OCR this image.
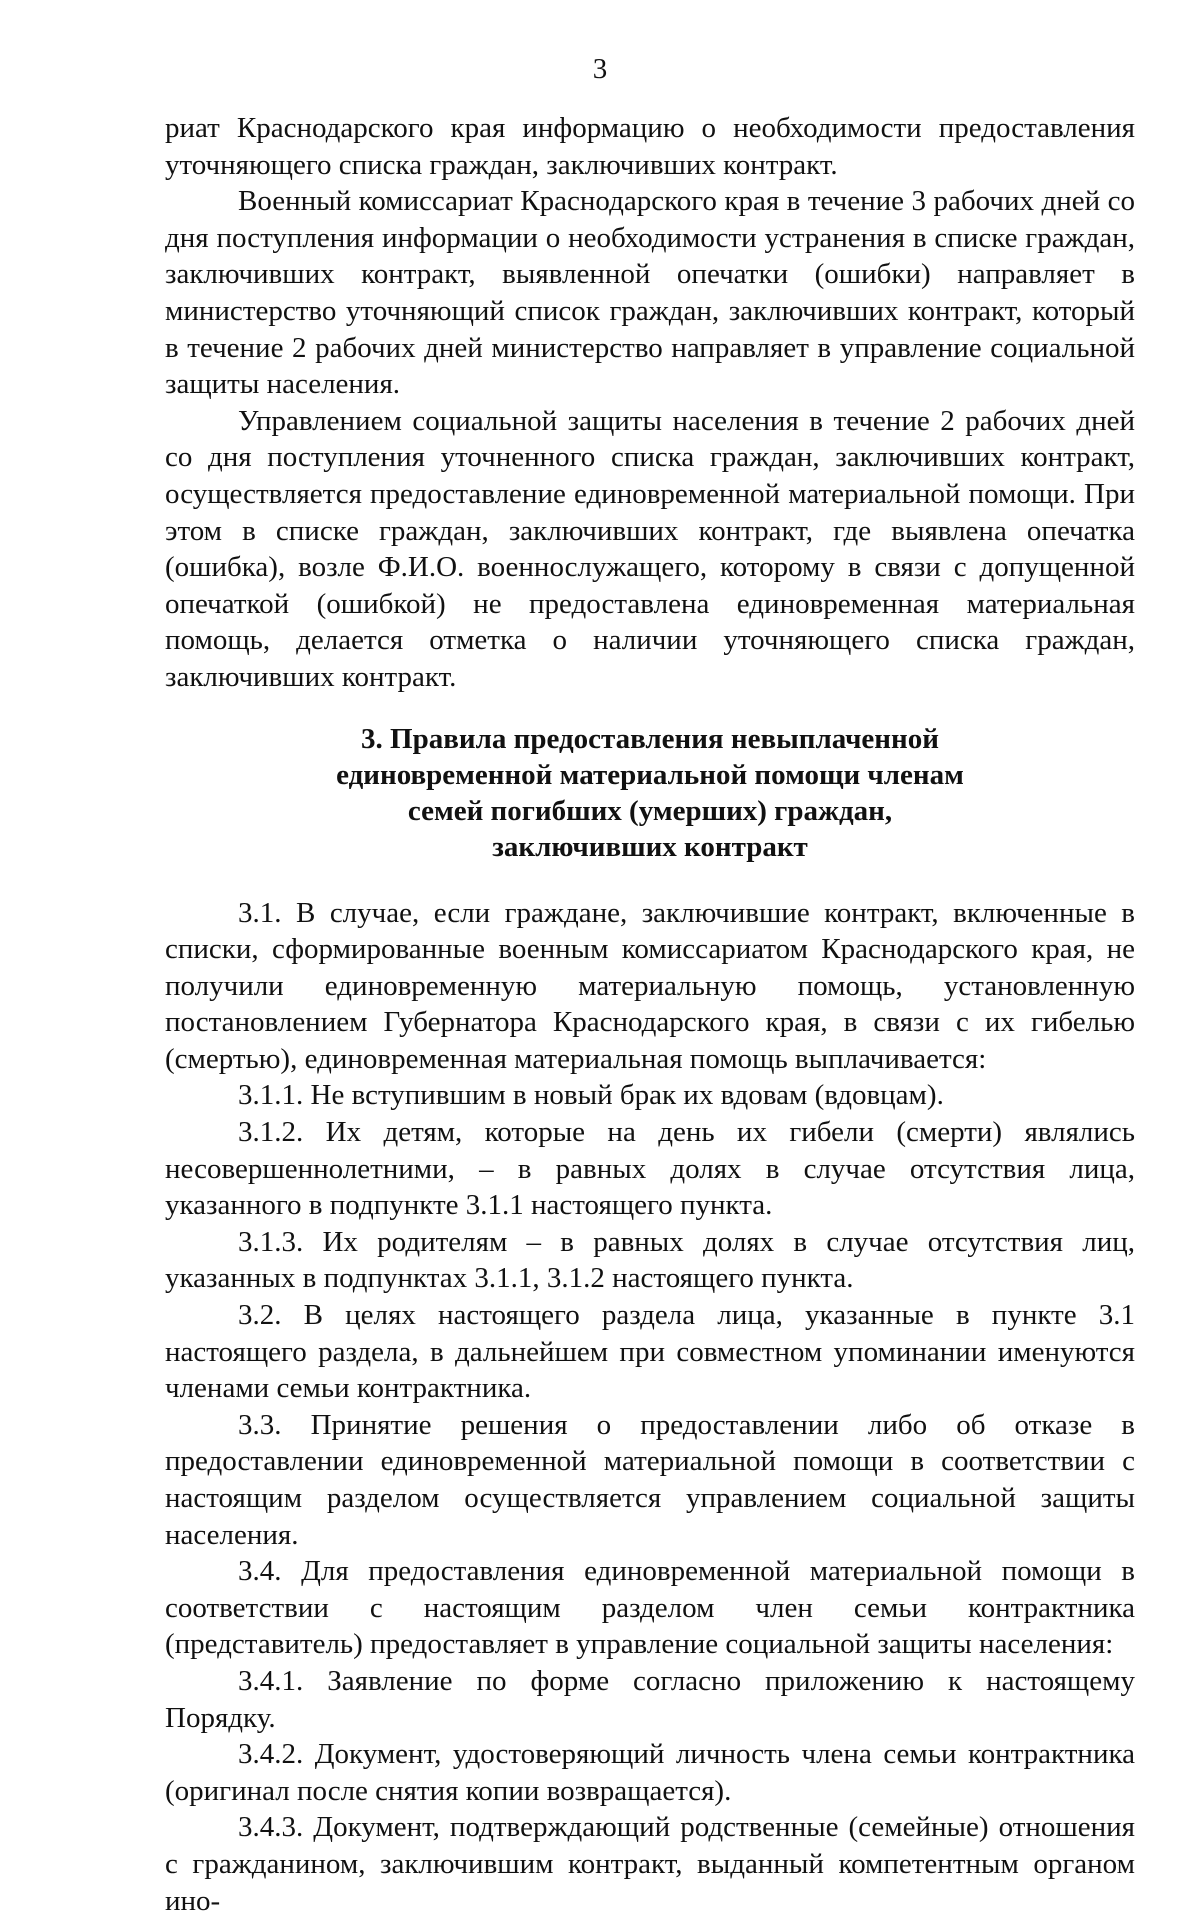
3

риат Краснодарского края информацию о необходимости предоставления уточняющего списка граждан, заключивших контракт.

Военный комиссариат Краснодарского края в течение 3 рабочих дней со дня поступления информации о необходимости устранения в списке граждан, заключивших контракт, выявленной опечатки (ошибки) направляет в министерство уточняющий список граждан, заключивших контракт, который в течение 2 рабочих дней министерство направляет в управление социальной защиты населения.

Управлением социальной защиты населения в течение 2 рабочих дней со дня поступления уточненного списка граждан, заключивших контракт, осуществляется предоставление единовременной материальной помощи. При этом в списке граждан, заключивших контракт, где выявлена опечатка (ошибка), возле Ф.И.О. военнослужащего, которому в связи с допущенной опечаткой (ошибкой) не предоставлена единовременная материальная помощь, делается отметка о наличии уточняющего списка граждан, заключивших контракт.

3. Правила предоставления невыплаченной
единовременной материальной помощи членам
семей погибших (умерших) граждан,
заключивших контракт

3.1. В случае, если граждане, заключившие контракт, включенные в списки, сформированные военным комиссариатом Краснодарского края, не получили единовременную материальную помощь, установленную постановлением Губернатора Краснодарского края, в связи с их гибелью (смертью), единовременная материальная помощь выплачивается:

3.1.1. Не вступившим в новый брак их вдовам (вдовцам).

3.1.2. Их детям, которые на день их гибели (смерти) являлись несовершеннолетними, – в равных долях в случае отсутствия лица, указанного в подпункте 3.1.1 настоящего пункта.

3.1.3. Их родителям – в равных долях в случае отсутствия лиц, указанных в подпунктах 3.1.1, 3.1.2 настоящего пункта.

3.2. В целях настоящего раздела лица, указанные в пункте 3.1 настоящего раздела, в дальнейшем при совместном упоминании именуются членами семьи контрактника.

3.3. Принятие решения о предоставлении либо об отказе в предоставлении единовременной материальной помощи в соответствии с настоящим разделом осуществляется управлением социальной защиты населения.

3.4. Для предоставления единовременной материальной помощи в соответствии с настоящим разделом член семьи контрактника (представитель) предоставляет в управление социальной защиты населения:

3.4.1. Заявление по форме согласно приложению к настоящему Порядку.

3.4.2. Документ, удостоверяющий личность члена семьи контрактника (оригинал после снятия копии возвращается).

3.4.3. Документ, подтверждающий родственные (семейные) отношения с гражданином, заключившим контракт, выданный компетентным органом ино-
